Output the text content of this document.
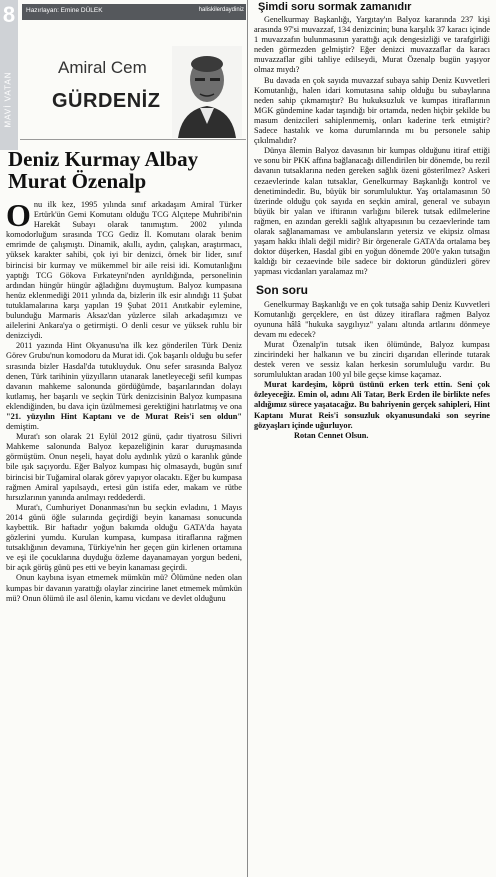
8
MAVİ VATAN
Hazırlayan: Emine DÜLEK	haliskilerdaydiniz
Amiral Cem
GÜRDENİZ
Deniz Kurmay Albay Murat Özenalp

Onu ilk kez, 1995 yılında sınıf arkadaşım Amiral Türker Ertürk'ün Gemi Komutanı olduğu TCG Alçıtepe Muhribi'nin Harekât Subayı olarak tanımıştım. 2002 yılında komodorluğum sırasında TCG Gediz İl. Komutanı olarak benim emrimde de çalışmıştı. Dinamik, akıllı, aydın, çalışkan, araştırmacı, yüksek karakter sahibi, çok iyi bir denizci, örnek bir lider, sınıf birincisi bir kurmay ve mükemmel bir aile reisi idi. Komutanlığını yaptığı TCG Gökova Fırkateyni'nden ayrıldığında, personelinin ardından hüngür hüngür ağladığını duymuştum. Balyoz kumpasına henüz eklenmediği 2011 yılında da, bizlerin ilk esir alındığı 11 Şubat tutuklamalarına karşı yapılan 19 Şubat 2011 Anıtkabir eylemine, bulunduğu Marmaris Aksaz'dan yüzlerce silah arkadaşımızı ve ailelerini Ankara'ya o getirmişti. O denli cesur ve yüksek ruhlu bir denizciydi.

2011 yazında Hint Okyanusu'na ilk kez gönderilen Türk Deniz Görev Grubu'nun komodoru da Murat idi. Çok başarılı olduğu bu sefer sırasında bizler Hasdal'da tutukluyduk. Onu sefer sırasında Balyoz denen, Türk tarihinin yüzyılların utanarak lanetleyeceği sefil kumpas davanın mahkeme salonunda gördüğümde, başarılarından dolayı kutlamış, her başarılı ve seçkin Türk denizcisinin Balyoz kumpasına eklendiğinden, bu dava için üzülmemesi gerektiğini hatırlatmış ve ona "21. yüzyılın Hint Kaptanı ve de Murat Reis'i sen oldun" demiştim.

Murat'ı son olarak 21 Eylül 2012 günü, çadır tiyatrosu Silivri Mahkeme salonunda Balyoz kepazeliğinin karar duruşmasında görmüştüm. Onun neşeli, hayat dolu aydınlık yüzü o karanlık günde bile ışık saçıyordu. Eğer Balyoz kumpası hiç olmasaydı, bugün sınıf birincisi bir Tuğamiral olarak görev yapıyor olacaktı. Eğer bu kumpasa rağmen Amiral yapılsaydı, ertesi gün istifa eder, makam ve rütbe hırsızlarının yanında anılmayı reddederdi.

Murat'ı, Cumhuriyet Donanması'nın bu seçkin evladını, 1 Mayıs 2014 günü öğle sularında geçirdiği beyin kanaması sonucunda kaybettik. Bir haftadır yoğun bakımda olduğu GATA'da hayata gözlerini yumdu. Kurulan kumpasa, kumpasa itiraflarına rağmen tutsaklığının devamına, Türkiye'nin her geçen gün kirlenen ortamına ve eşi ile çocuklarına duyduğu özleme dayanamayan yorgun bedeni, bir açık görüş günü pes etti ve beyin kanaması geçirdi.

Onun kaybına isyan etmemek mümkün mü? Ölümüne neden olan kumpas bir davanın yarattığı olaylar zincirine lanet etmemek mümkün mü? Onun ölümü ile asıl ölenin, kamu vicdanı ve devlet olduğunu

Şimdi soru sormak zamanıdır

Genelkurmay Başkanlığı, Yargıtay'ın Balyoz kararında 237 kişi arasında 97'si muvazzaf, 134 denizcinin; buna karşılık 37 karacı içinde 1 muvazzafın bulunmasının yarattığı açık dengesizliği ve tarafgirliği neden görmezden gelmiştir? Eğer denizci muvazzaflar da karacı muvazzaflar gibi tahliye edilseydi, Murat Özenalp bugün yaşıyor olmaz mıydı?

Bu davada en çok sayıda muvazzaf subaya sahip Deniz Kuvvetleri Komutanlığı, halen idari komutasına sahip olduğu bu subaylarına neden sahip çıkmamıştır? Bu hukuksuzluk ve kumpas itiraflarının MGK gündemine kadar taşındığı bir ortamda, neden hiçbir şekilde bu masum denizcileri sahiplenmemiş, onları kaderine terk etmiştir? Sadece hastalık ve koma durumlarında mı bu personele sahip çıkılmalıdır?

Dünya âlemin Balyoz davasının bir kumpas olduğunu itiraf ettiği ve sonu bir PKK affına bağlanacağı dillendirilen bir dönemde, bu rezil davanın tutsaklarına neden gereken sağlık özeni gösterilmez? Askeri cezaevlerinde kalan tutsaklar, Genelkurmay Başkanlığı kontrol ve denetimindedir. Bu, büyük bir sorumluluktur. Yaş ortalamasının 50 üzerinde olduğu çok sayıda en seçkin amiral, general ve subayın büyük bir yalan ve iftiranın varlığını bilerek tutsak edilmelerine rağmen, en azından gerekli sağlık altyapısının bu cezaevlerinde tam olarak sağlanamaması ve ambulansların yetersiz ve ekipsiz olması yaşam hakkı ihlali değil midir? Bir örgenerale GATA'da ortalama beş doktor düşerken, Hasdal gibi en yoğun dönemde 200'e yakın tutsağın kaldığı bir cezaevinde bile sadece bir doktorun gündüzleri görev yapması vicdanları yaralamaz mı?

Son soru

Genelkurmay Başkanlığı ve en çok tutsağa sahip Deniz Kuvvetleri Komutanlığı gerçeklere, en üst düzey itiraflara rağmen Balyoz oyununa hâlâ "hukuka saygılıyız" yalanı altında artlarını dönmeye devam mı edecek?

Murat Özenalp'in tutsak iken ölümünde, Balyoz kumpası zincirindeki her halkanın ve bu zinciri dışarıdan ellerinde tutarak destek veren ve sessiz kalan herkesin sorumluluğu vardır. Bu sorumluluktan aradan 100 yıl bile geçse kimse kaçamaz.

Murat kardeşim, köprü üstünü erken terk ettin. Seni çok özleyeceğiz. Emin ol, adını Ali Tatar, Berk Erden ile birlikte nefes aldığımız sürece yaşatacağız. Bu bahriyenin gerçek sahipleri, Hint Kaptanı Murat Reis'i sonsuzluk okyanusundaki son seyrine gözyaşları içinde uğurluyor.

Rotan Cennet Olsun.
